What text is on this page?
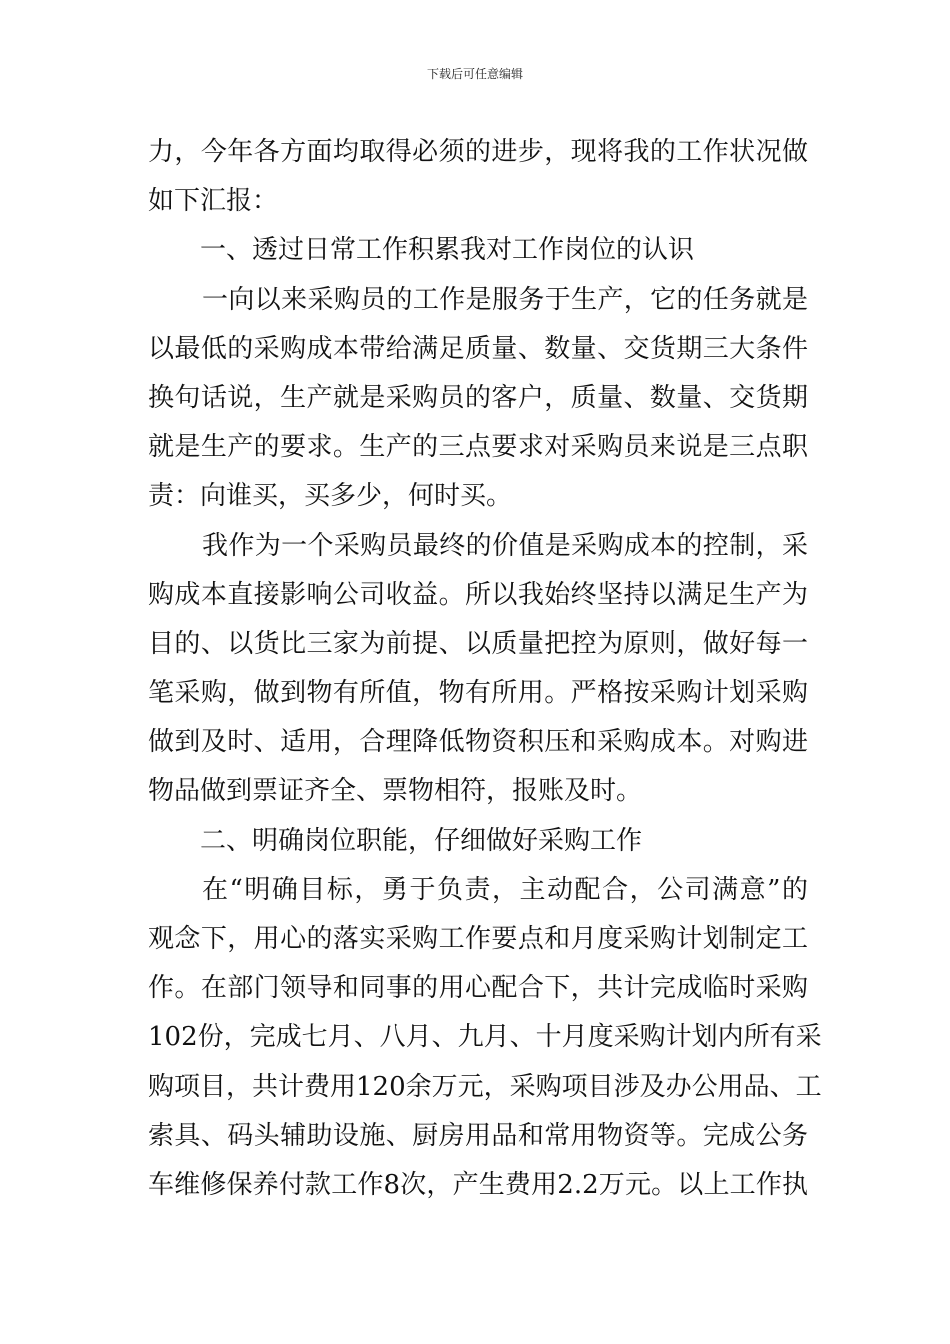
下载后可任意编辑
力，今年各方面均取得必须的进步，现将我的工作状况做
如下汇报：
一、透过日常工作积累我对工作岗位的认识
一向以来采购员的工作是服务于生产，它的任务就是
以最低的采购成本带给满足质量、数量、交货期三大条件
换句话说，生产就是采购员的客户，质量、数量、交货期
就是生产的要求。生产的三点要求对采购员来说是三点职
责：向谁买，买多少，何时买。
我作为一个采购员最终的价值是采购成本的控制，采
购成本直接影响公司收益。所以我始终坚持以满足生产为
目的、以货比三家为前提、以质量把控为原则，做好每一
笔采购，做到物有所值，物有所用。严格按采购计划采购
做到及时、适用，合理降低物资积压和采购成本。对购进
物品做到票证齐全、票物相符，报账及时。
二、明确岗位职能，仔细做好采购工作
在“明确目标，勇于负责，主动配合，公司满意”的
观念下，用心的落实采购工作要点和月度采购计划制定工
作。在部门领导和同事的用心配合下，共计完成临时采购
102份，完成七月、八月、九月、十月度采购计划内所有采
购项目，共计费用120余万元，采购项目涉及办公用品、工
索具、码头辅助设施、厨房用品和常用物资等。完成公务
车维修保养付款工作8次，产生费用2.2万元。以上工作执
